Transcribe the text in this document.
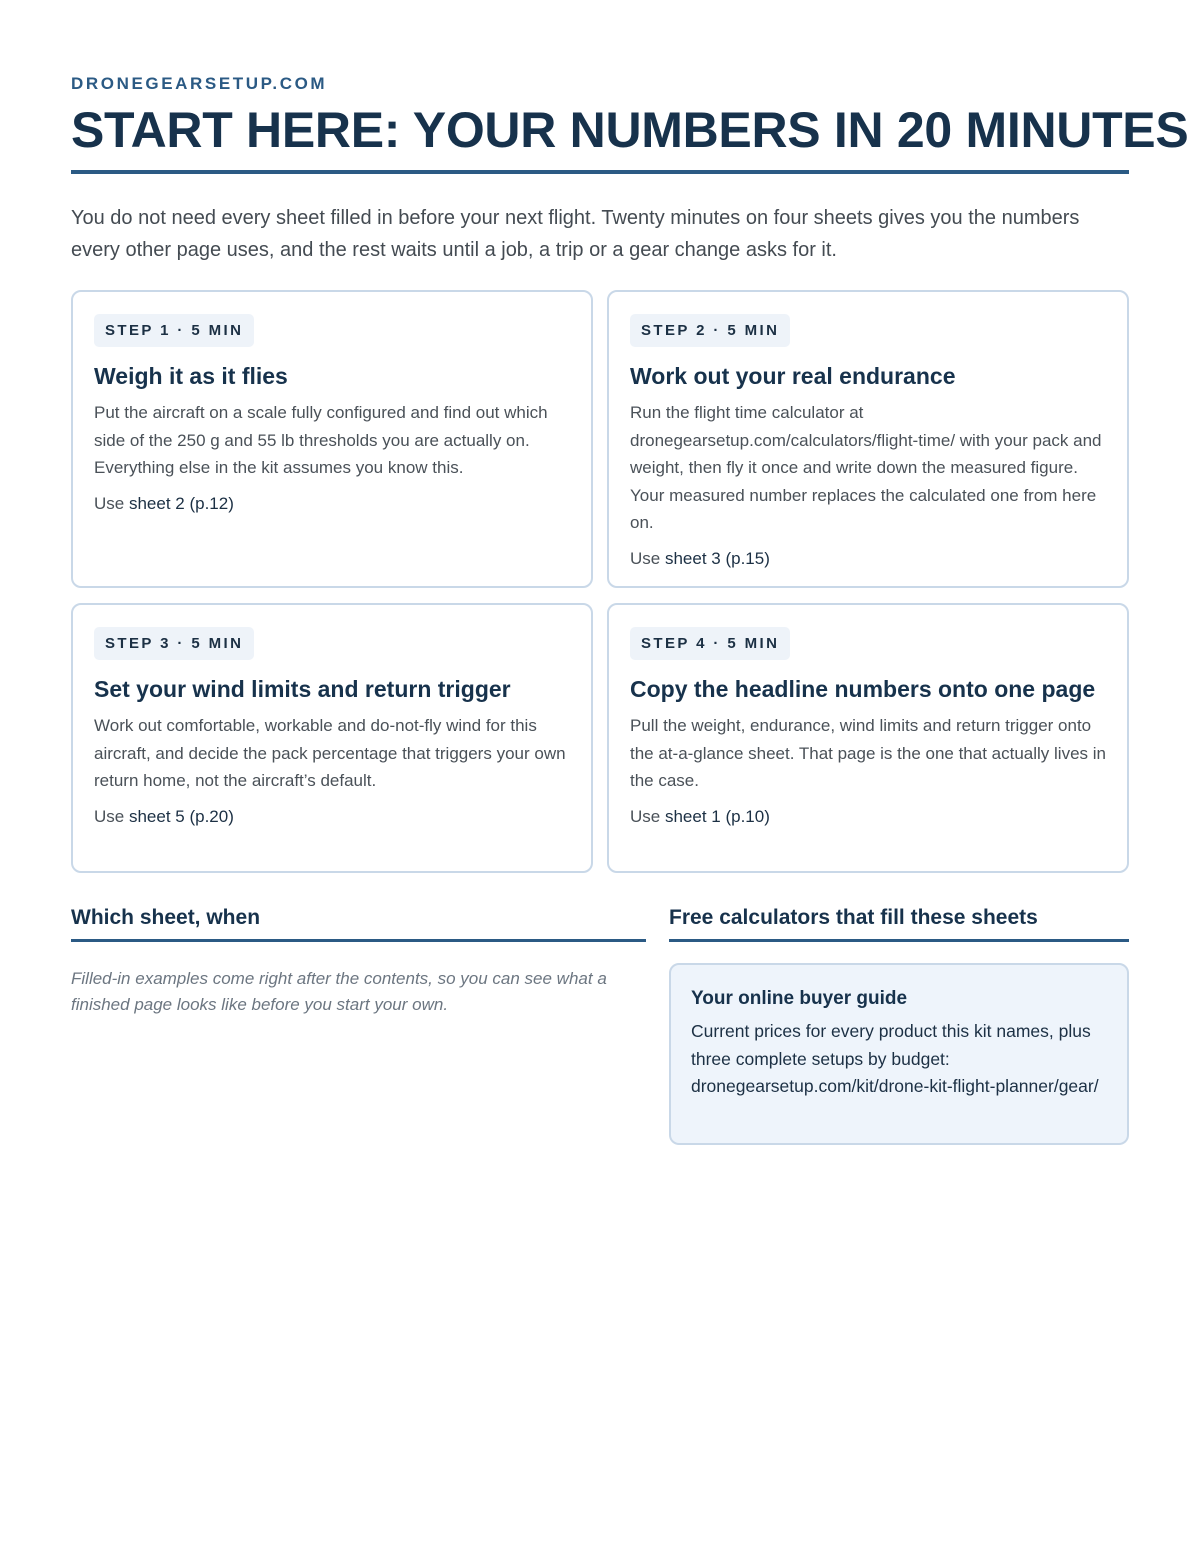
DRONEGEARSETUP.COM
START HERE: YOUR NUMBERS IN 20 MINUTES

You do not need every sheet filled in before your next flight. Twenty minutes on four sheets gives you the numbers every other page uses, and the rest waits until a job, a trip or a gear change asks for it.

STEP 1 · 5 MIN
Weigh it as it flies

Put the aircraft on a scale fully configured and find out which side of the 250 g and 55 lb thresholds you are actually on. Everything else in the kit assumes you know this.

Use sheet 2 (p.12)

STEP 2 · 5 MIN
Work out your real endurance

Run the flight time calculator at dronegearsetup.com/calculators/flight-time/ with your pack and weight, then fly it once and write down the measured figure. Your measured number replaces the calculated one from here on.

Use sheet 3 (p.15)

STEP 3 · 5 MIN
Set your wind limits and return trigger

Work out comfortable, workable and do-not-fly wind for this aircraft, and decide the pack percentage that triggers your own return home, not the aircraft’s default.

Use sheet 5 (p.20)

STEP 4 · 5 MIN
Copy the headline numbers onto one page

Pull the weight, endurance, wind limits and return trigger onto the at-a-glance sheet. That page is the one that actually lives in the case.

Use sheet 1 (p.10)

Which sheet, when

Filled-in examples come right after the contents, so you can see what a finished page looks like before you start your own.

Free calculators that fill these sheets
Your online buyer guide

Current prices for every product this kit names, plus three complete setups by budget: dronegearsetup.com/kit/drone-kit-flight-planner/gear/
